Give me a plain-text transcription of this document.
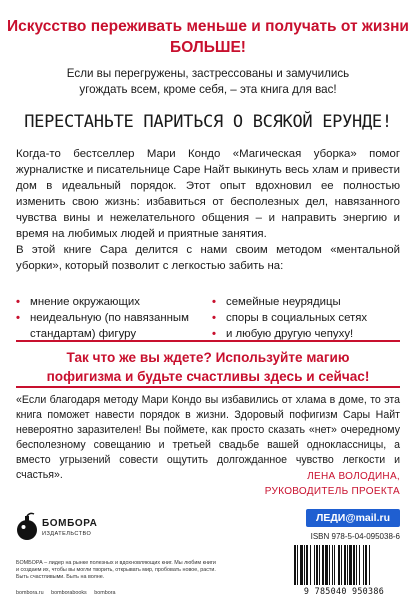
Искусство переживать меньше и получать от жизни
БОЛЬШЕ!
Если вы перегружены, застрессованы и замучились
угождать всем, кроме себя, – эта книга для вас!
ПЕРЕСТАНЬТЕ ПАРИТЬСЯ О ВСЯКОЙ ЕРУНДЕ!
Когда-то бестселлер Мари Кондо «Магическая уборка» помог журналистке и писательнице Саре Найт выкинуть весь хлам и привести дом в идеальный порядок. Этот опыт вдохновил ее полностью изменить свою жизнь: избавиться от бесполезных дел, навязанного чувства вины и нежелательного общения – и направить энергию и время на любимых людей и приятные занятия.
В этой книге Сара делится с нами своим методом «ментальной уборки», который позволит с легкостью забить на:
• мнение окружающих
• неидеальную (по навязанным стандартам) фигуру
• семейные неурядицы
• споры в социальных сетях
• и любую другую чепуху!
Так что же вы ждете? Используйте магию
пофигизма и будьте счастливы здесь и сейчас!
«Если благодаря методу Мари Кондо вы избавились от хлама в доме, то эта книга поможет навести порядок в жизни. Здоровый пофигизм Сары Найт невероятно заразителен! Вы поймете, как просто сказать «нет» очередному бесполезному совещанию и третьей свадьбе вашей одноклассницы, а вместо угрызений совести ощутить долгожданное чувство легкости и счастья».	ЛЕНА ВОЛОДИНА,
РУКОВОДИТЕЛЬ ПРОЕКТА
БОМБОРА
ИЗДАТЕЛЬСТВО
ЛЕДИ@mail.ru
БОМБОРА – лидер на рынке полезных и вдохновляющих книг. Мы любим книги и создаем их, чтобы вы могли творить, открывать мир, пробовать новое, расти. Быть счастливыми. Быть на волне.
bombora.ru bomborabooks bombora
ISBN 978-5-04-095038-6
9 785040 950386
